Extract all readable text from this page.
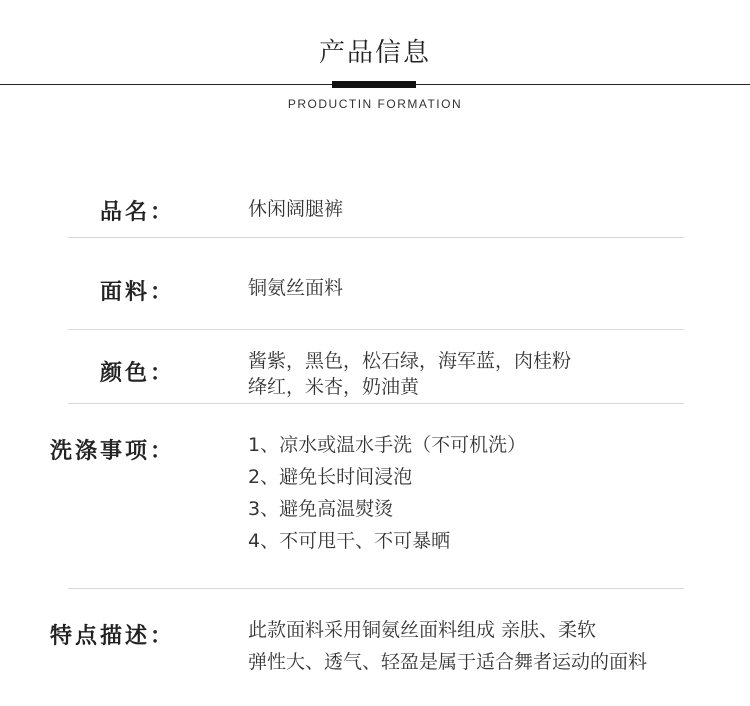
产品信息
PRODUCTIN FORMATION
品名：	休闲阔腿裤
面料：	铜氨丝面料
颜色：	酱紫，黑色，松石绿，海军蓝，肉桂粉
绛红，米杏，奶油黄
洗涤事项：	1、凉水或温水手洗（不可机洗）
2、避免长时间浸泡
3、避免高温熨烫
4、不可甩干、不可暴晒
特点描述：	此款面料采用铜氨丝面料组成 亲肤、柔软
弹性大、透气、轻盈是属于适合舞者运动的面料
